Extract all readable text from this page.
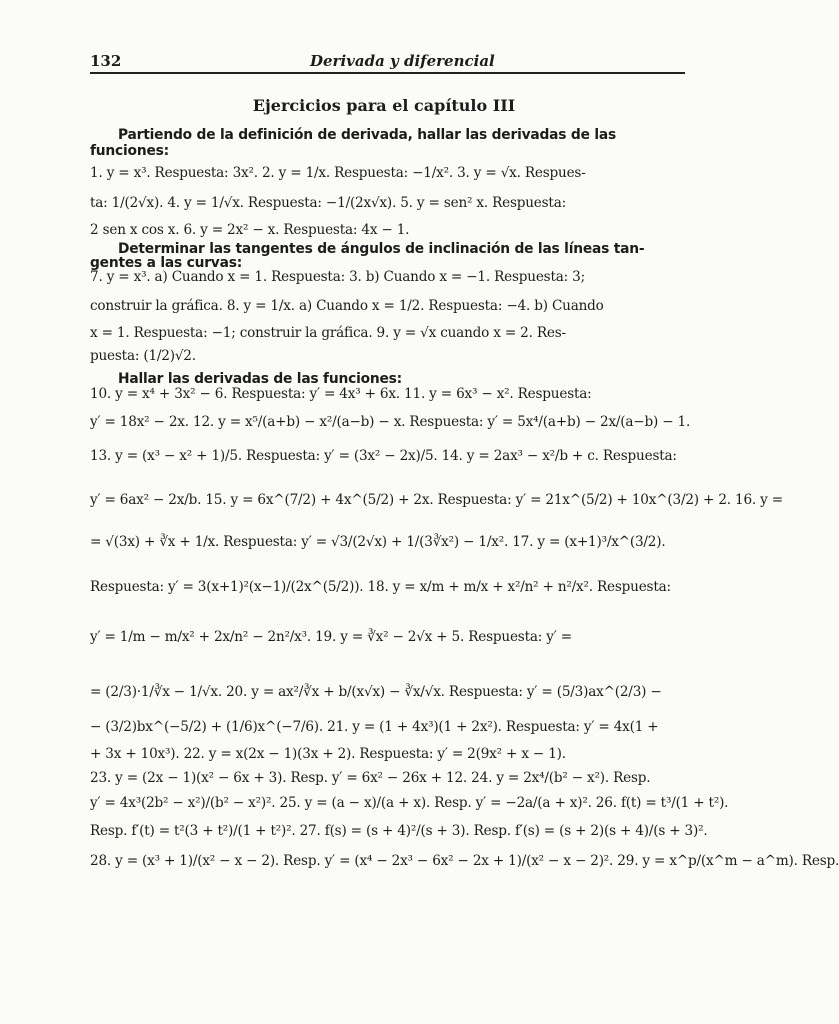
132	Derivada y diferencial
Ejercicios para el capítulo III
Partiendo de la definición de derivada, hallar las derivadas de las
funciones:
1. y = x³. Respuesta: 3x². 2. y = 1/x. Respuesta: −1/x². 3. y = √x. Respues-
ta: 1/(2√x). 4. y = 1/√x. Respuesta: −1/(2x√x). 5. y = sen² x. Respuesta:
2 sen x cos x. 6. y = 2x² − x. Respuesta: 4x − 1.
Determinar las tangentes de ángulos de inclinación de las líneas tan-
gentes a las curvas:
7. y = x³. a) Cuando x = 1. Respuesta: 3. b) Cuando x = −1. Respuesta: 3;
construir la gráfica. 8. y = 1/x. a) Cuando x = 1/2. Respuesta: −4. b) Cuando
x = 1. Respuesta: −1; construir la gráfica. 9. y = √x cuando x = 2. Res-
puesta: (1/2)√2.
Hallar las derivadas de las funciones:
10. y = x⁴ + 3x² − 6. Respuesta: y′ = 4x³ + 6x. 11. y = 6x³ − x². Respuesta:
y′ = 18x² − 2x. 12. y = x⁵/(a+b) − x²/(a−b) − x. Respuesta: y′ = 5x⁴/(a+b) − 2x/(a−b) − 1.
13. y = (x³ − x² + 1)/5. Respuesta: y′ = (3x² − 2x)/5. 14. y = 2ax³ − x²/b + c. Respuesta:
y′ = 6ax² − 2x/b. 15. y = 6x^(7/2) + 4x^(5/2) + 2x. Respuesta: y′ = 21x^(5/2) + 10x^(3/2) + 2. 16. y =
= √(3x) + ∛x + 1/x. Respuesta: y′ = √3/(2√x) + 1/(3∛x²) − 1/x². 17. y = (x+1)³/x^(3/2).
Respuesta: y′ = 3(x+1)²(x−1)/(2x^(5/2)). 18. y = x/m + m/x + x²/n² + n²/x². Respuesta:
y′ = 1/m − m/x² + 2x/n² − 2n²/x³. 19. y = ∛x² − 2√x + 5. Respuesta: y′ =
= (2/3)·1/∛x − 1/√x. 20. y = ax²/∛x + b/(x√x) − ∛x/√x. Respuesta: y′ = (5/3)ax^(2/3) −
− (3/2)bx^(−5/2) + (1/6)x^(−7/6). 21. y = (1 + 4x³)(1 + 2x²). Respuesta: y′ = 4x(1 +
+ 3x + 10x³). 22. y = x(2x − 1)(3x + 2). Respuesta: y′ = 2(9x² + x − 1).
23. y = (2x − 1)(x² − 6x + 3). Resp. y′ = 6x² − 26x + 12. 24. y = 2x⁴/(b² − x²). Resp.
y′ = 4x³(2b² − x²)/(b² − x²)². 25. y = (a − x)/(a + x). Resp. y′ = −2a/(a + x)². 26. f(t) = t³/(1 + t²).
Resp. f′(t) = t²(3 + t²)/(1 + t²)². 27. f(s) = (s + 4)²/(s + 3). Resp. f′(s) = (s + 2)(s + 4)/(s + 3)².
28. y = (x³ + 1)/(x² − x − 2). Resp. y′ = (x⁴ − 2x³ − 6x² − 2x + 1)/(x² − x − 2)². 29. y = x^p/(x^m − a^m). Resp.
